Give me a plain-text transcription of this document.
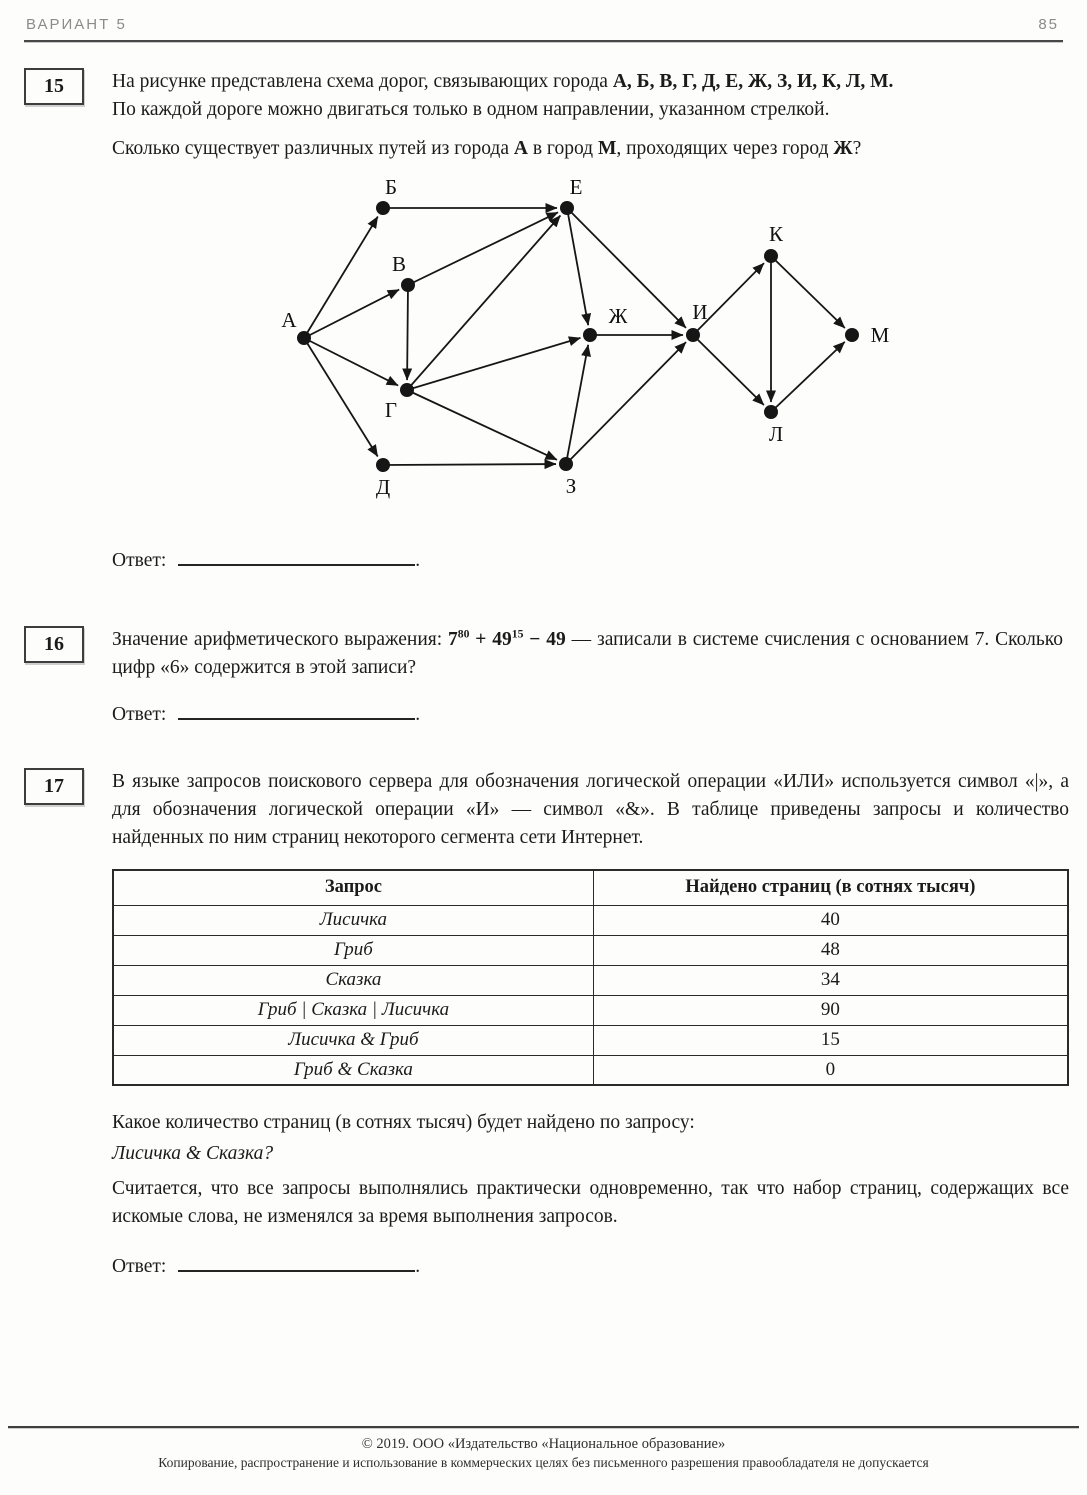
ВАРИАНТ 5	85
15 На рисунке представлена схема дорог, связывающих города А, Б, В, Г, Д, Е, Ж, З, И, К, Л, М.

По каждой дороге можно двигаться только в одном направлении, указанном стрелкой.

Сколько существует различных путей из города А в город М, проходящих через город Ж?

А
Б
В
Г
Д
Е
Ж
З
И
К
Л
М
Ответ:	.
16 Значение арифметического выражения: $7^{80} + 49^{15} - 49$ — записали в системе счисления с основанием 7. Сколько цифр «6» содержится в этой записи?

Ответ:	.
17 В языке запросов поискового сервера для обозначения логической операции «ИЛИ» используется символ «|», а для обозначения логической операции «И» — символ «&». В таблице приведены запросы и количество найденных по ним страниц некоторого сегмента сети Интернет.

Запрос	Найдено страниц (в сотнях тысяч)
Лисичка	40
Гриб	48
Сказка	34
Гриб | Сказка | Лисичка	90
Лисичка & Гриб	15
Гриб & Сказка	0

Какое количество страниц (в сотнях тысяч) будет найдено по запросу:

Лисичка & Сказка?

Считается, что все запросы выполнялись практически одновременно, так что набор страниц, содержащих все искомые слова, не изменялся за время выполнения запросов.

Ответ:	.
© 2019. ООО «Издательство «Национальное образование»
Копирование, распространение и использование в коммерческих целях без письменного разрешения правообладателя не допускается
